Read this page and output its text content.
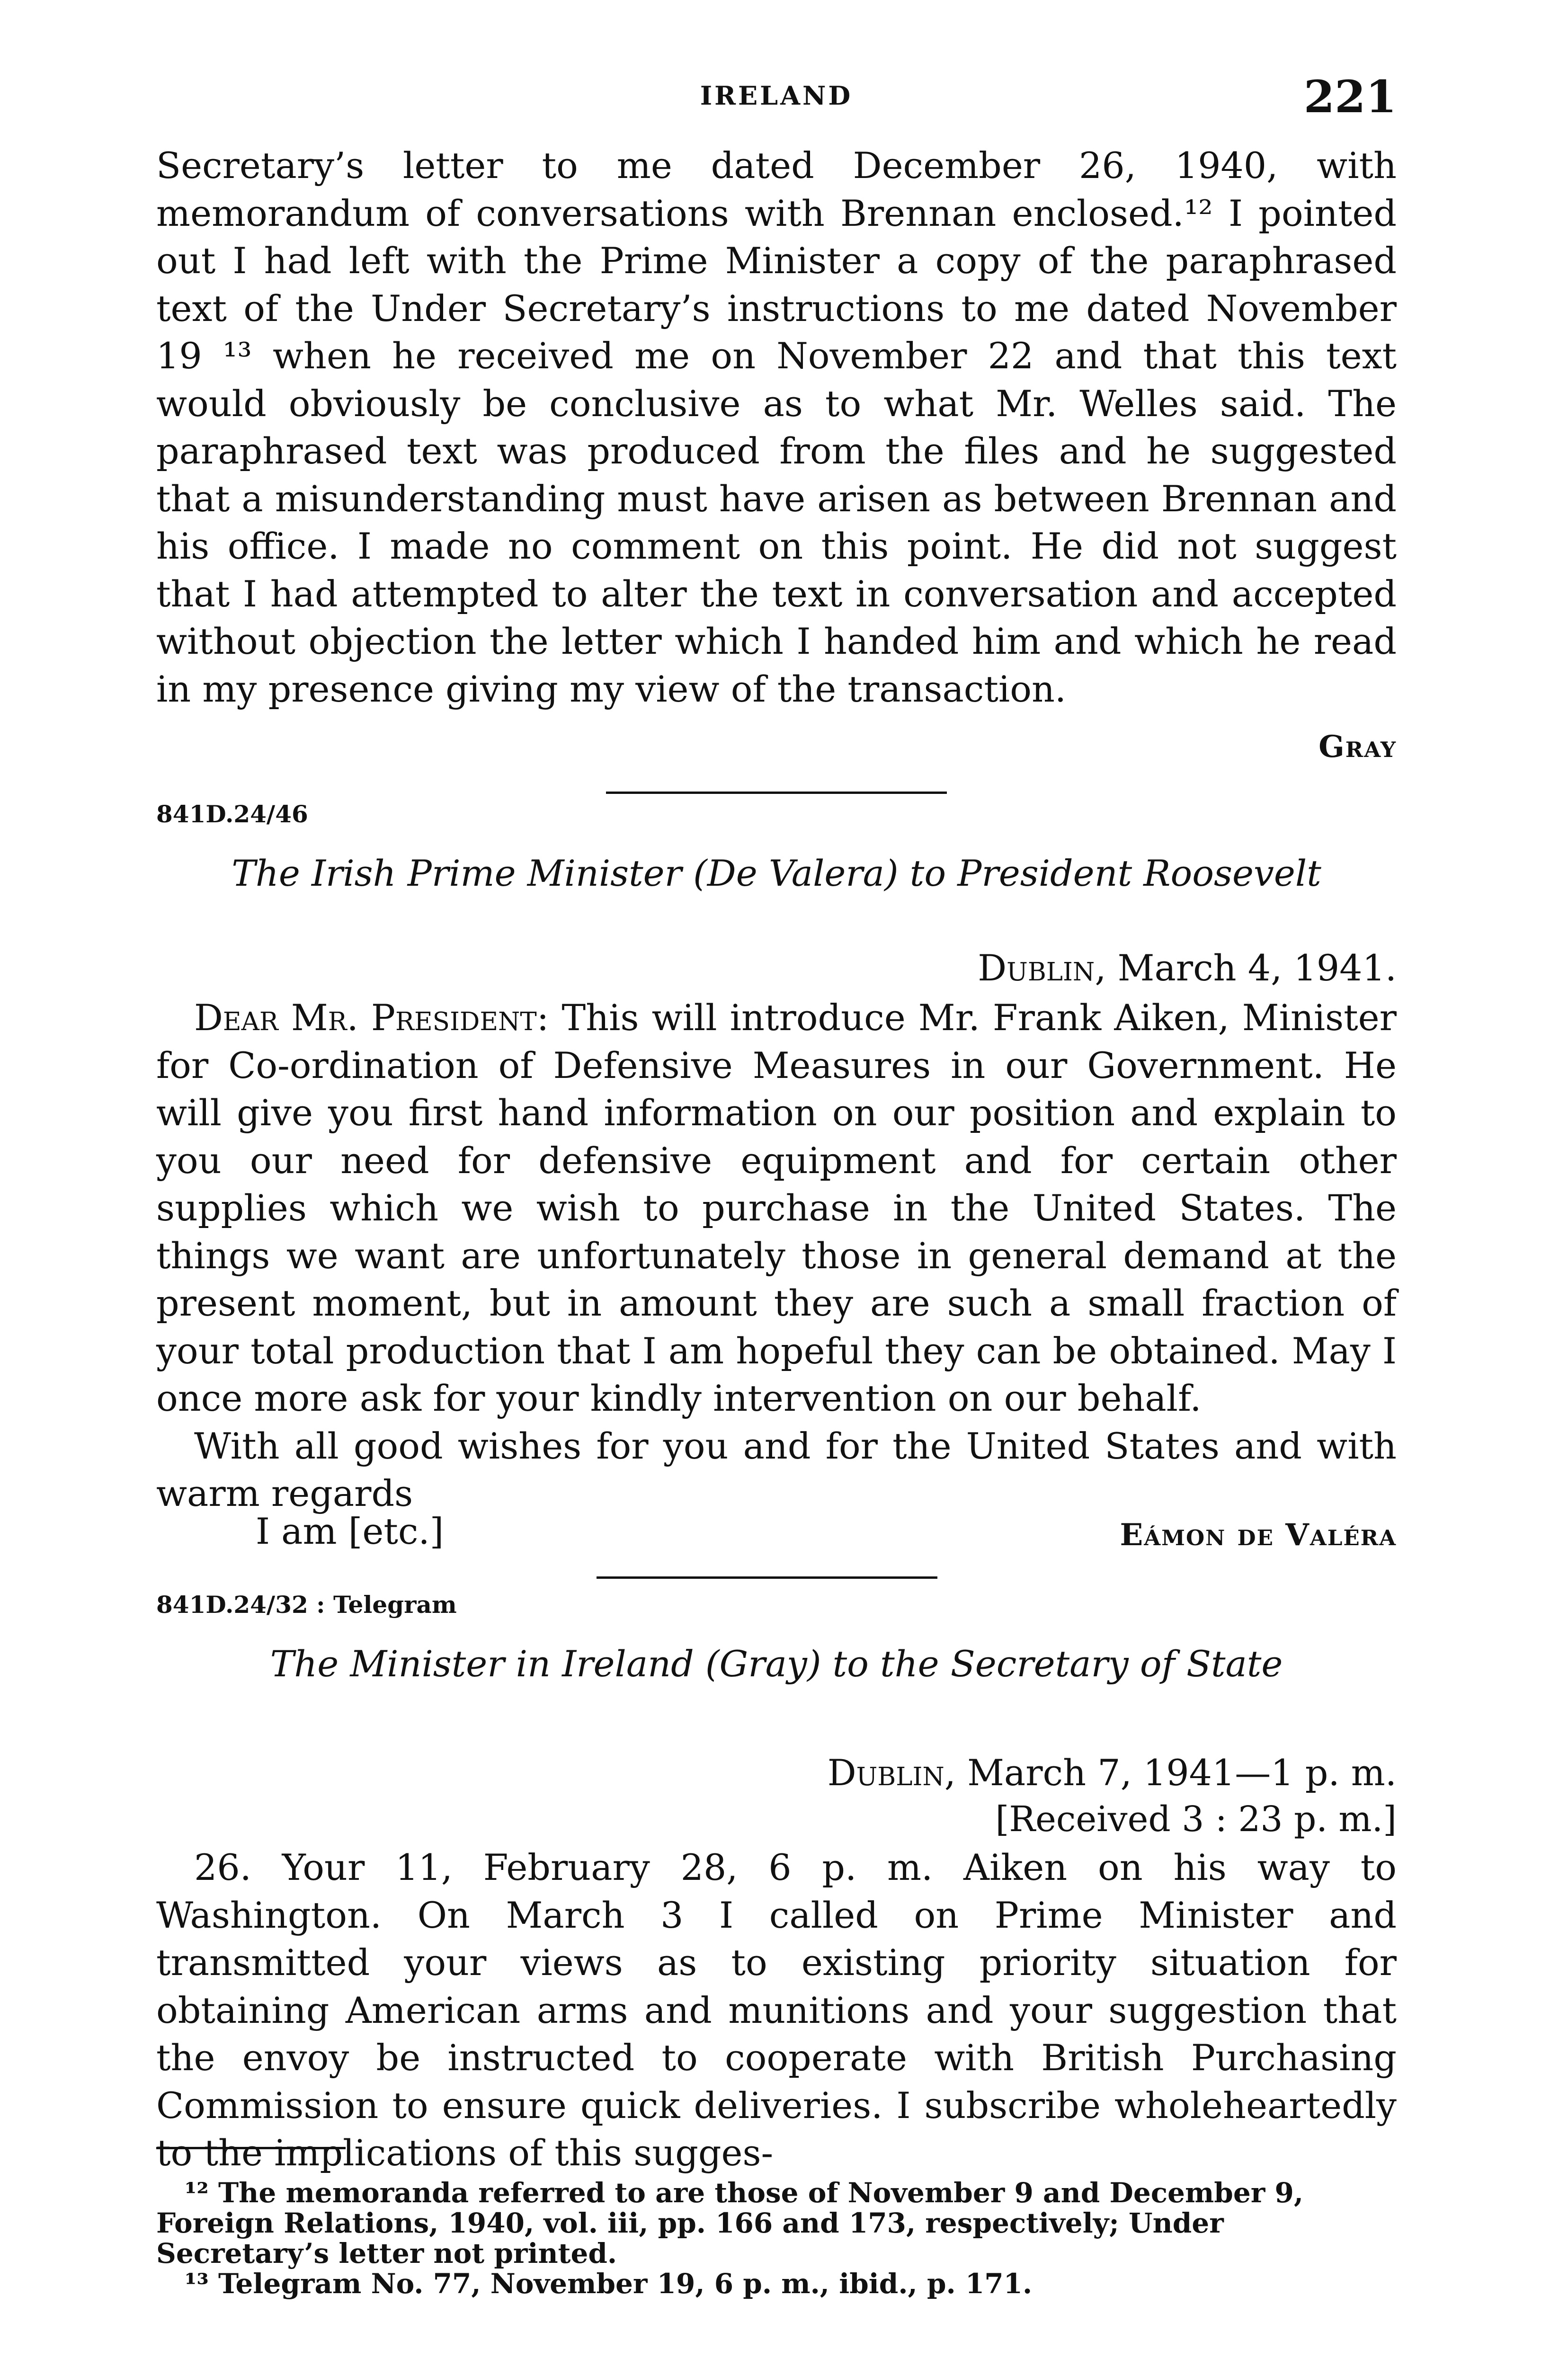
IRELAND	221

Secretary’s letter to me dated December 26, 1940, with memorandum of conversations with Brennan enclosed.¹² I pointed out I had left with the Prime Minister a copy of the paraphrased text of the Under Secretary’s instructions to me dated November 19 ¹³ when he received me on November 22 and that this text would obviously be conclusive as to what Mr. Welles said. The paraphrased text was produced from the files and he suggested that a misunderstanding must have arisen as between Brennan and his office. I made no comment on this point. He did not suggest that I had attempted to alter the text in conversation and accepted without objection the letter which I handed him and which he read in my presence giving my view of the transaction.

Gray
841D.24/46
The Irish Prime Minister (De Valera) to President Roosevelt
Dublin, March 4, 1941.

Dear Mr. President: This will introduce Mr. Frank Aiken, Minister for Co-ordination of Defensive Measures in our Government. He will give you first hand information on our position and explain to you our need for defensive equipment and for certain other supplies which we wish to purchase in the United States. The things we want are unfortunately those in general demand at the present moment, but in amount they are such a small fraction of your total production that I am hopeful they can be obtained. May I once more ask for your kindly intervention on our behalf.

With all good wishes for you and for the United States and with warm regards

I am [etc.]	Eámon de Valéra
841D.24/32 : Telegram
The Minister in Ireland (Gray) to the Secretary of State
Dublin, March 7, 1941—1 p. m.
[Received 3 : 23 p. m.]

26. Your 11, February 28, 6 p. m. Aiken on his way to Washington. On March 3 I called on Prime Minister and transmitted your views as to existing priority situation for obtaining American arms and munitions and your suggestion that the envoy be instructed to cooperate with British Purchasing Commission to ensure quick deliveries. I subscribe wholeheartedly to the implications of this sugges-

¹² The memoranda referred to are those of November 9 and December 9, Foreign Relations, 1940, vol. iii, pp. 166 and 173, respectively; Under Secretary’s letter not printed.

¹³ Telegram No. 77, November 19, 6 p. m., ibid., p. 171.
